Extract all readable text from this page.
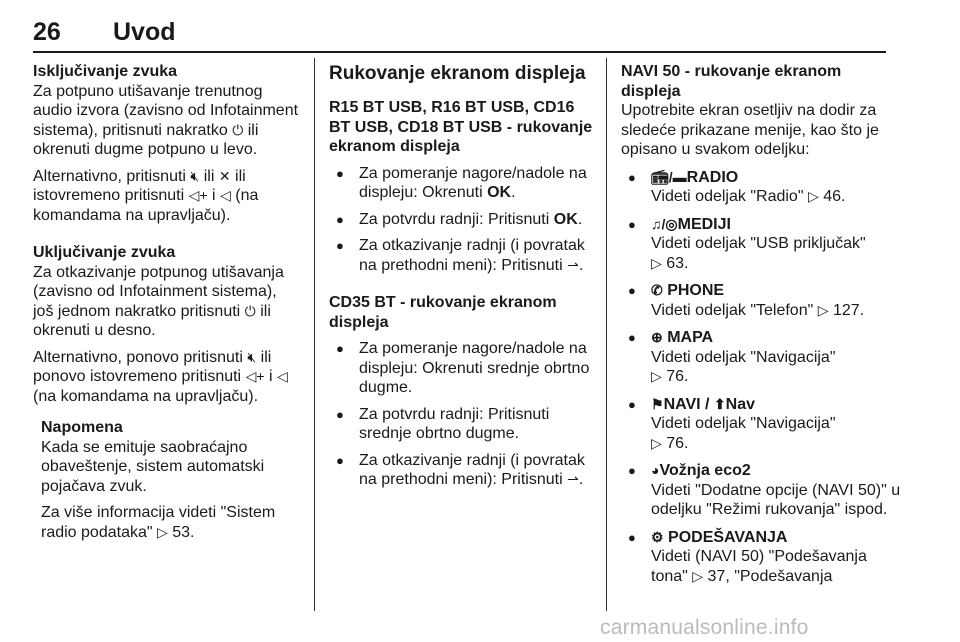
26 Uvod

Isključivanje zvuka

Za potpuno utišavanje trenutnog audio izvora (zavisno od Infotainment sistema), pritisnuti nakratko ⏻ ili okrenuti dugme potpuno u levo.

Alternativno, pritisnuti 🔇︎ ili ✕ ili istovremeno pritisnuti ◁+ i ◁ (na komandama na upravljaču).

Uključivanje zvuka

Za otkazivanje potpunog utišavanja (zavisno od Infotainment sistema), još jednom nakratko pritisnuti ⏻ ili okrenuti u desno.

Alternativno, ponovo pritisnuti 🔇︎ ili ponovo istovremeno pritisnuti ◁+ i ◁ (na komandama na upravljaču).

Napomena

Kada se emituje saobraćajno obaveštenje, sistem automatski pojačava zvuk.

Za više informacija videti "Sistem radio podataka" ▷ 53.

Rukovanje ekranom displeja

R15 BT USB, R16 BT USB, CD16 BT USB, CD18 BT USB - rukovanje ekranom displeja

● Za pomeranje nagore/nadole na displeju: Okrenuti OK.
● Za potvrdu radnji: Pritisnuti OK.
● Za otkazivanje radnji (i povratak na prethodni meni): Pritisnuti ⇀.

CD35 BT - rukovanje ekranom displeja

● Za pomeranje nagore/nadole na displeju: Okrenuti srednje obrtno dugme.
● Za potvrdu radnji: Pritisnuti srednje obrtno dugme.
● Za otkazivanje radnji (i povratak na prethodni meni): Pritisnuti ⇀.

NAVI 50 - rukovanje ekranom displeja

Upotrebite ekran osetljiv na dodir za sledeće prikazane menije, kao što je opisano u svakom odeljku:

● 📻︎/▬RADIO
Videti odeljak "Radio" ▷ 46.
● ♫/◎MEDIJI
Videti odeljak "USB priključak"
▷ 63.
● ✆ PHONE
Videti odeljak "Telefon" ▷ 127.
● ⊕ MAPA
Videti odeljak "Navigacija"
▷ 76.
● ⚑NAVI / ⬆Nav
Videti odeljak "Navigacija"
▷ 76.
● ◕Vožnja eco2
Videti "Dodatne opcije (NAVI 50)" u odeljku "Režimi rukovanja" ispod.
● ⚙ PODEŠAVANJA
Videti (NAVI 50) "Podešavanja tona" ▷ 37, "Podešavanja
carmanualsonline.info
